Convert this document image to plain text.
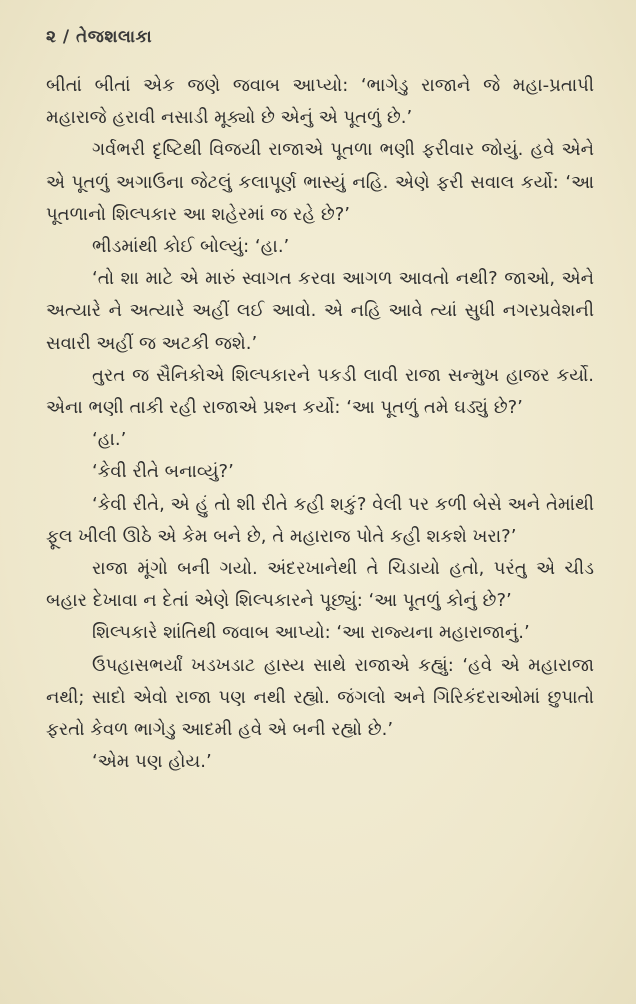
૨ / તેજશલાકા

બીતાં બીતાં એક જણે જવાબ આપ્યો: ‘ભાગેડુ રાજાને જે મહા-પ્રતાપી મહારાજે હરાવી નસાડી મૂક્યો છે એનું એ પૂતળું છે.’

ગર્વભરી દૃષ્ટિથી વિજયી રાજાએ પૂતળા ભણી ફરીવાર જોયું. હવે એને એ પૂતળું અગાઉના જેટલું કલાપૂર્ણ ભાસ્યું નહિ. એણે ફરી સવાલ કર્યો: ‘આ પૂતળાનો શિલ્પકાર આ શહેરમાં જ રહે છે?’

ભીડમાંથી કોઈ બોલ્યું: ‘હા.’

‘તો શા માટે એ મારું સ્વાગત કરવા આગળ આવતો નથી? જાઓ, એને અત્યારે ને અત્યારે અહીં લઈ આવો. એ નહિ આવે ત્યાં સુધી નગરપ્રવેશની સવારી અહીં જ અટકી જશે.’

તુરત જ સૈનિકોએ શિલ્પકારને પકડી લાવી રાજા સન્મુખ હાજર કર્યો. એના ભણી તાકી રહી રાજાએ પ્રશ્ન કર્યો: ‘આ પૂતળું તમે ઘડ્યું છે?’

‘હા.’

‘કેવી રીતે બનાવ્યું?’

‘કેવી રીતે, એ હું તો શી રીતે કહી શકું? વેલી પર કળી બેસે અને તેમાંથી ફૂલ ખીલી ઊઠે એ કેમ બને છે, તે મહારાજ પોતે કહી શકશે ખરા?’

રાજા મૂંગો બની ગયો. અંદરખાનેથી તે ચિડાયો હતો, પરંતુ એ ચીડ બહાર દેખાવા ન દેતાં એણે શિલ્પકારને પૂછ્યું: ‘આ પૂતળું કોનું છે?’

શિલ્પકારે શાંતિથી જવાબ આપ્યો: ‘આ રાજ્યના મહારાજાનું.’

ઉપહાસભર્યાં ખડખડાટ હાસ્ય સાથે રાજાએ કહ્યું: ‘હવે એ મહારાજા નથી; સાદો એવો રાજા પણ નથી રહ્યો. જંગલો અને ગિરિકંદરાઓમાં છુપાતો ફરતો કેવળ ભાગેડુ આદમી હવે એ બની રહ્યો છે.’

‘એમ પણ હોય.’
